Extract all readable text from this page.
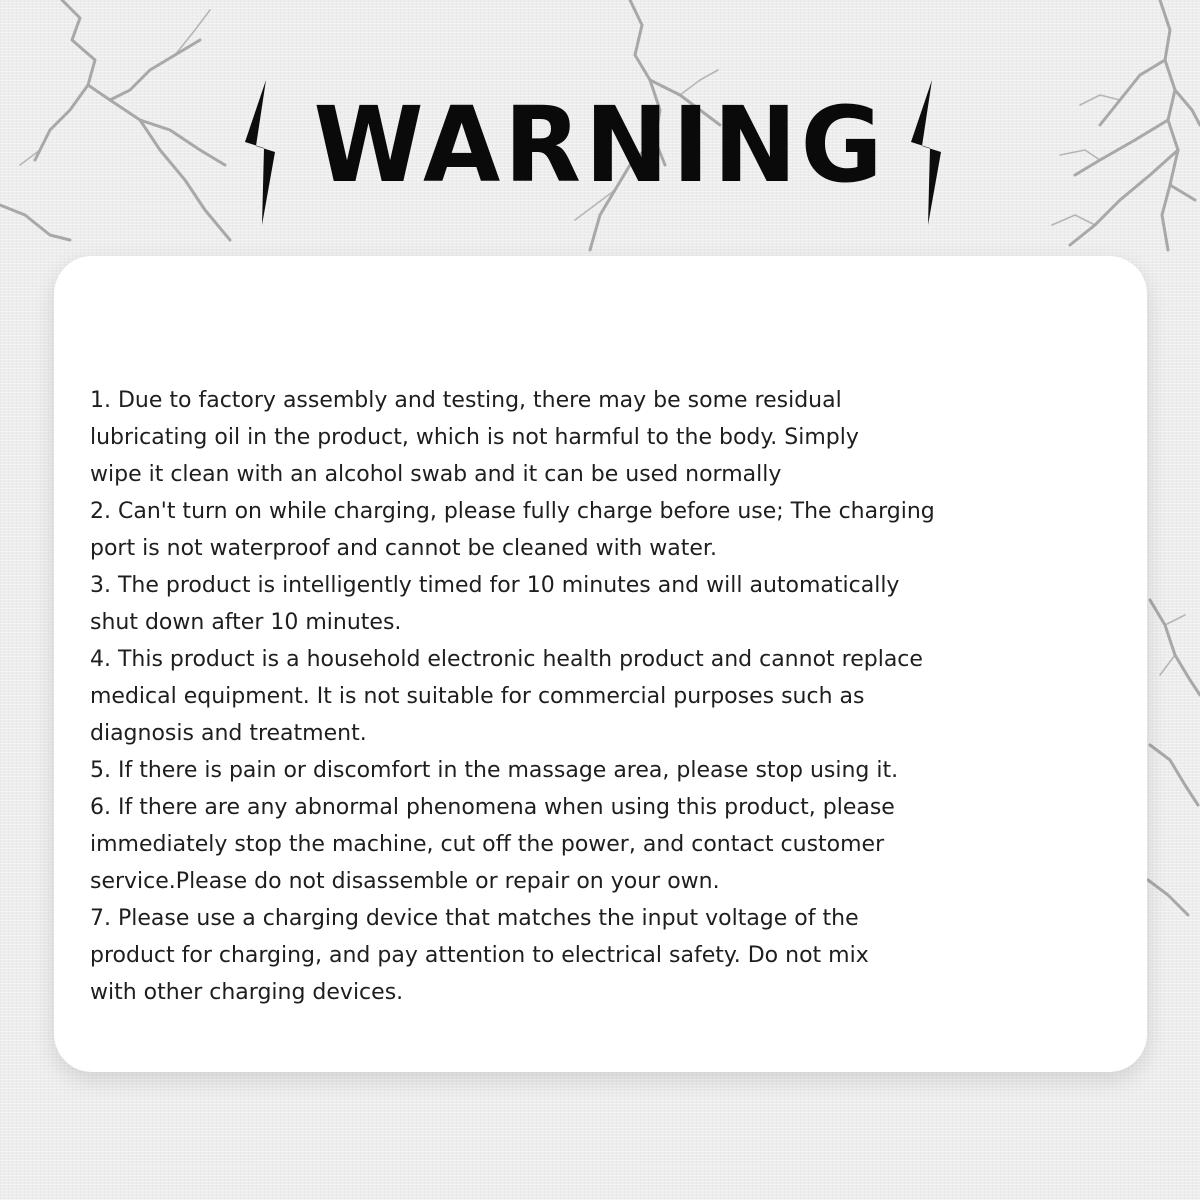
WARNING
1. Due to factory assembly and testing, there may be some residual
lubricating oil in the product, which is not harmful to the body. Simply
wipe it clean with an alcohol swab and it can be used normally
2. Can't turn on while charging, please fully charge before use; The charging
port is not waterproof and cannot be cleaned with water.
3. The product is intelligently timed for 10 minutes and will automatically
shut down after 10 minutes.
4. This product is a household electronic health product and cannot replace
medical equipment. It is not suitable for commercial purposes such as
diagnosis and treatment.
5. If there is pain or discomfort in the massage area, please stop using it.
6. If there are any abnormal phenomena when using this product, please
immediately stop the machine, cut off the power, and contact customer
service.Please do not disassemble or repair on your own.
7. Please use a charging device that matches the input voltage of the
product for charging, and pay attention to electrical safety. Do not mix
with other charging devices.
